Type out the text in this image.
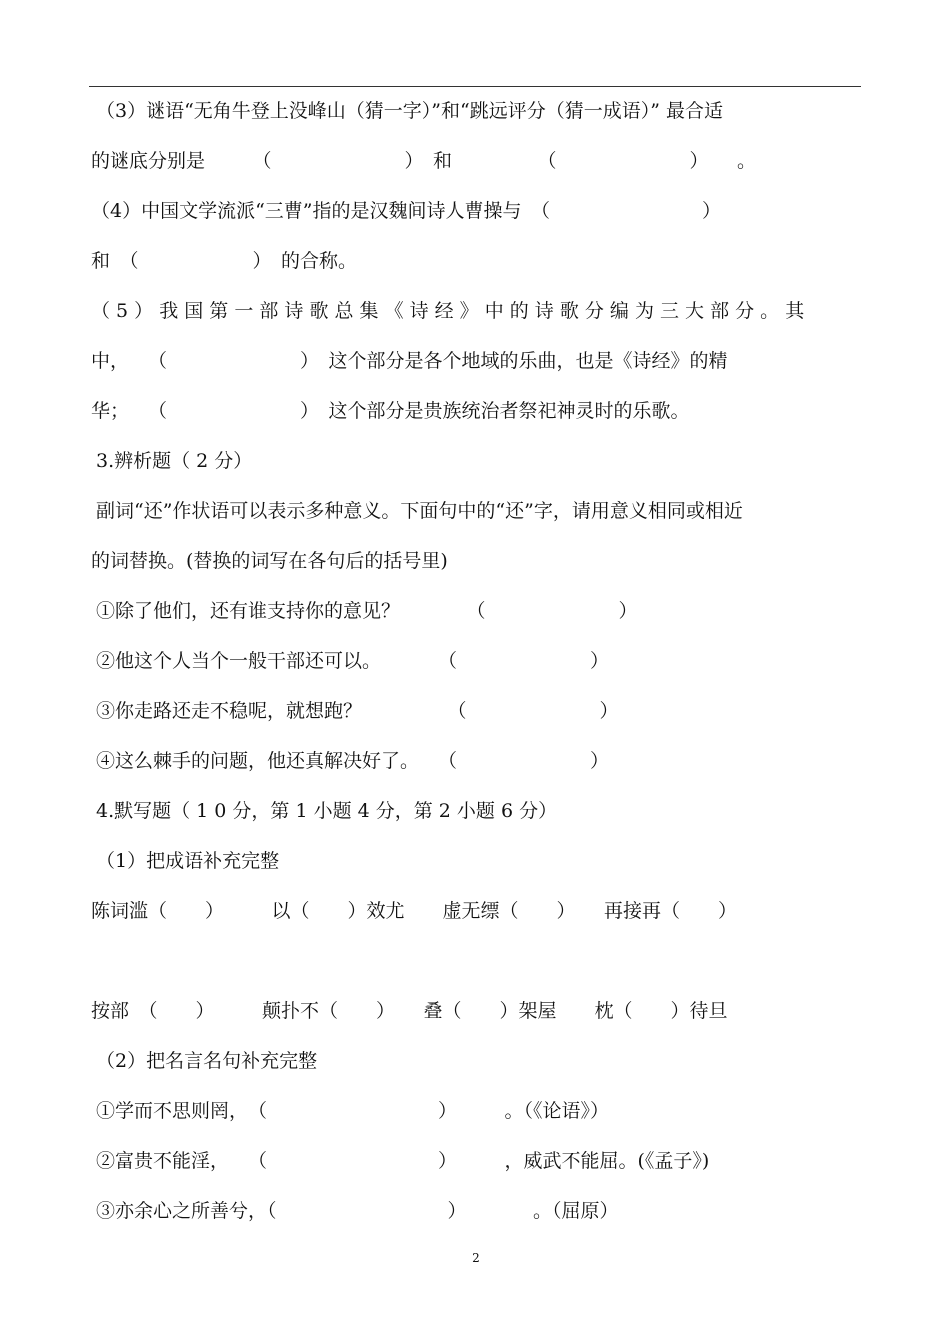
（3）谜语“无角牛登上没峰山（猜一字）”和“跳远评分（猜一成语）” 最合适
的谜底分别是　　　（　　　　　　　）　和　　　　　（　　　　　　　）　　。
（4）中国文学流派“三曹”指的是汉魏间诗人曹操与　（　　　　　　　　）
和　（　　　　　　）　的合称。
（ 5 ） 我 国 第 一 部 诗 歌 总 集 《 诗 经 》 中 的 诗 歌 分 编 为 三 大 部 分 。 其
中，　　（　　　　　　　）　这个部分是各个地域的乐曲，也是《诗经》的精
华；　　（　　　　　　　）　这个部分是贵族统治者祭祀神灵时的乐歌。
3.辨析题（ 2 分）
副词“还”作状语可以表示多种意义。下面句中的“还”字，请用意义相同或相近
的词替换。(替换的词写在各句后的括号里)
①除了他们，还有谁支持你的意见？　　　　（　　　　　　　）
②他这个人当个一般干部还可以。　　　　（　　　　　　　）
③你走路还走不稳呢，就想跑？　　　　　（　　　　　　　）
④这么棘手的问题，他还真解决好了。　　（　　　　　　　）
4.默写题（ 1 0 分，第 1 小题 4 分，第 2 小题 6 分）
（1）把成语补充完整
陈词滥（　　）　　　以（　　）效尤　　虚无缥（　　）　　再接再（　　）
按部　（　　）　　　颠扑不（　　）　　叠（　　）架屋　　枕（　　）待旦
（2）把名言名句补充完整
①学而不思则罔，　（　　　　　　　　　）　　　。（《论语》）
②富贵不能淫，　　（　　　　　　　　　）　　　，威武不能屈。(《孟子》)
③亦余心之所善兮，（　　　　　　　　　）　　　　。（屈原）
2
